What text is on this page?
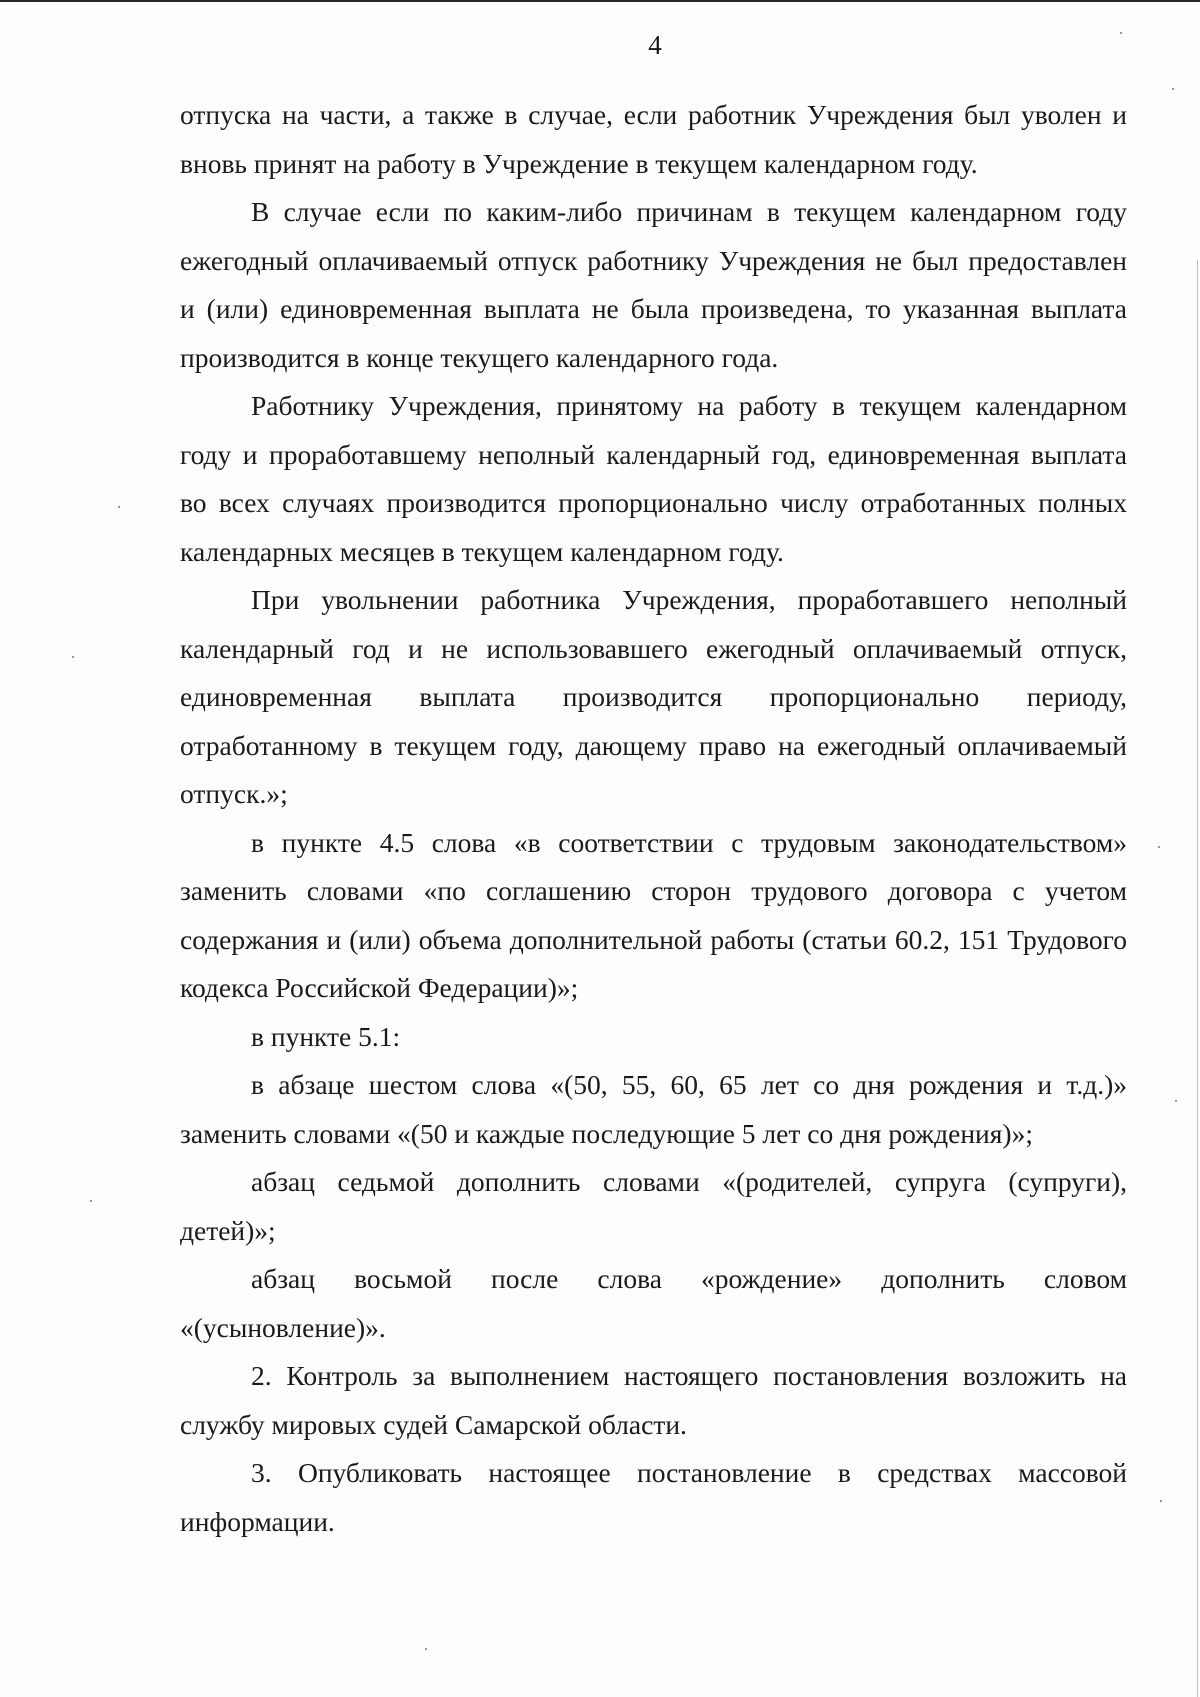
4

отпуска на части, а также в случае, если работник Учреждения был уволен и вновь принят на работу в Учреждение в текущем календарном году.

В случае если по каким-либо причинам в текущем календарном году ежегодный оплачиваемый отпуск работнику Учреждения не был предоставлен и (или) единовременная выплата не была произведена, то указанная выплата производится в конце текущего календарного года.

Работнику Учреждения, принятому на работу в текущем календарном году и проработавшему неполный календарный год, единовременная выплата во всех случаях производится пропорционально числу отработанных полных календарных месяцев в текущем календарном году.

При увольнении работника Учреждения, проработавшего неполный календарный год и не использовавшего ежегодный оплачиваемый отпуск, единовременная выплата производится пропорционально периоду, отработанному в текущем году, дающему право на ежегодный оплачиваемый отпуск.»;

в пункте 4.5 слова «в соответствии с трудовым законодательством» заменить словами «по соглашению сторон трудового договора с учетом содержания и (или) объема дополнительной работы (статьи 60.2, 151 Трудового кодекса Российской Федерации)»;

в пункте 5.1:

в абзаце шестом слова «(50, 55, 60, 65 лет со дня рождения и т.д.)» заменить словами «(50 и каждые последующие 5 лет со дня рождения)»;

абзац седьмой дополнить словами «(родителей, супруга (супруги), детей)»;

абзац восьмой после слова «рождение» дополнить словом «(усыновление)».

2. Контроль за выполнением настоящего постановления возложить на службу мировых судей Самарской области.

3. Опубликовать настоящее постановление в средствах массовой информации.
